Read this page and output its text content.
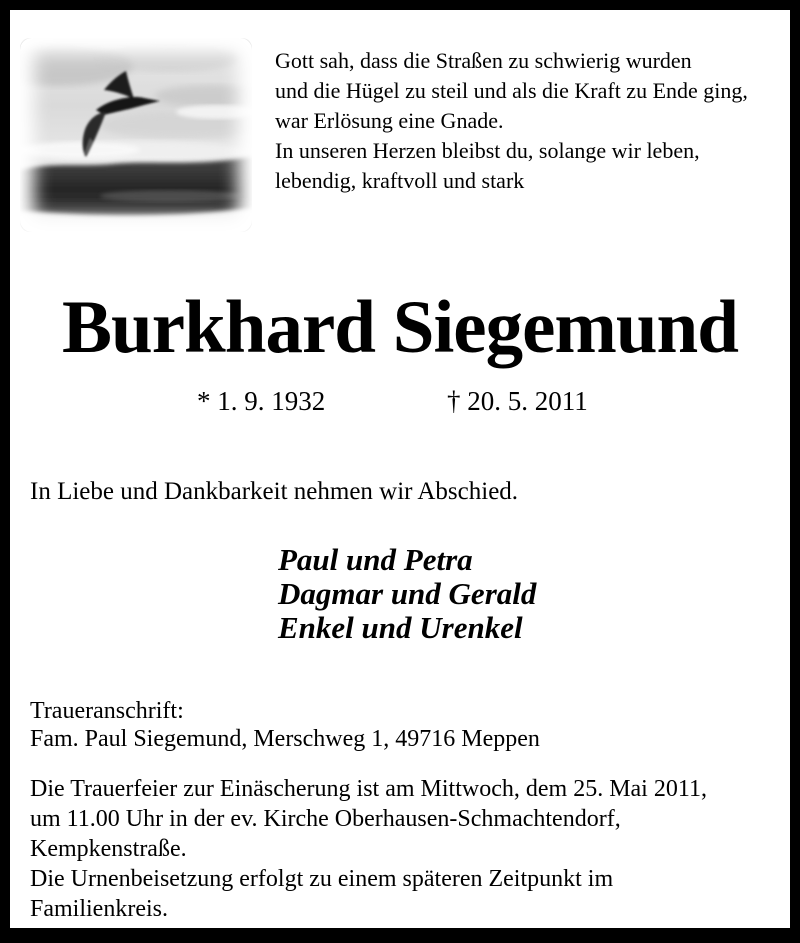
Gott sah, dass die Straßen zu schwierig wurden
und die Hügel zu steil und als die Kraft zu Ende ging,
war Erlösung eine Gnade.
In unseren Herzen bleibst du, solange wir leben,
lebendig, kraftvoll und stark
Burkhard Siegemund
* 1. 9. 1932	† 20. 5. 2011
In Liebe und Dankbarkeit nehmen wir Abschied.
Paul und Petra
Dagmar und Gerald
Enkel und Urenkel
Traueranschrift:
Fam. Paul Siegemund, Merschweg 1, 49716 Meppen
Die Trauerfeier zur Einäscherung ist am Mittwoch, dem 25. Mai 2011,
um 11.00 Uhr in der ev. Kirche Oberhausen-Schmachtendorf,
Kempkenstraße.
Die Urnenbeisetzung erfolgt zu einem späteren Zeitpunkt im
Familienkreis.
